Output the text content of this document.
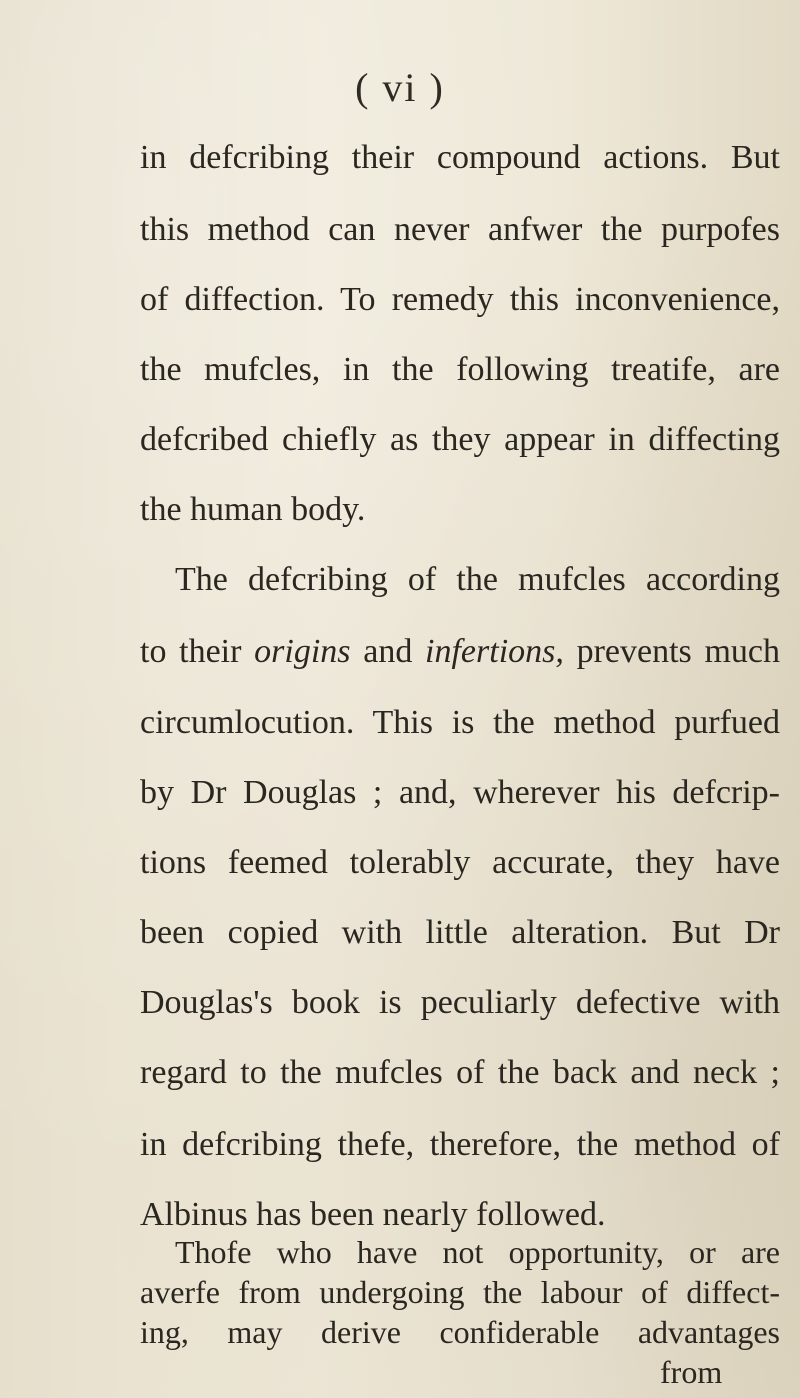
( vi )
in defcribing their compound actions. But
this method can never anfwer the purpofes
of diffection. To remedy this inconvenience,
the mufcles, in the following treatife, are
defcribed chiefly as they appear in diffecting
the human body.
The defcribing of the mufcles according
to their origins and infertions, prevents much
circumlocution. This is the method purfued
by Dr Douglas ; and, wherever his defcrip-
tions feemed tolerably accurate, they have
been copied with little alteration. But Dr
Douglas's book is peculiarly defective with
regard to the mufcles of the back and neck ;
in defcribing thefe, therefore, the method of
Albinus has been nearly followed.
Thofe who have not opportunity, or are
averfe from undergoing the labour of diffect-
ing, may derive confiderable advantages
from
